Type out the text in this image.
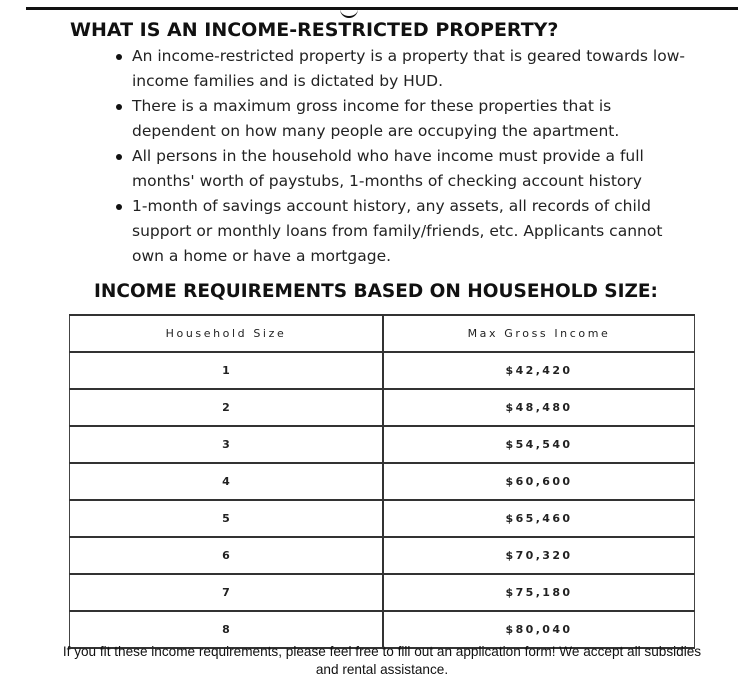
WHAT IS AN INCOME-RESTRICTED PROPERTY?
An income-restricted property is a property that is geared towards low-income families and is dictated by HUD.
There is a maximum gross income for these properties that is dependent on how many people are occupying the apartment.
All persons in the household who have income must provide a full months' worth of paystubs, 1-months of checking account history
1-month of savings account history, any assets, all records of child support or monthly loans from family/friends, etc. Applicants cannot own a home or have a mortgage.
INCOME REQUIREMENTS BASED ON HOUSEHOLD SIZE:
Household Size	Max Gross Income
1	$42,420
2	$48,480
3	$54,540
4	$60,600
5	$65,460
6	$70,320
7	$75,180
8	$80,040

If you fit these income requirements, please feel free to fill out an application form! We accept all subsidies and rental assistance.
